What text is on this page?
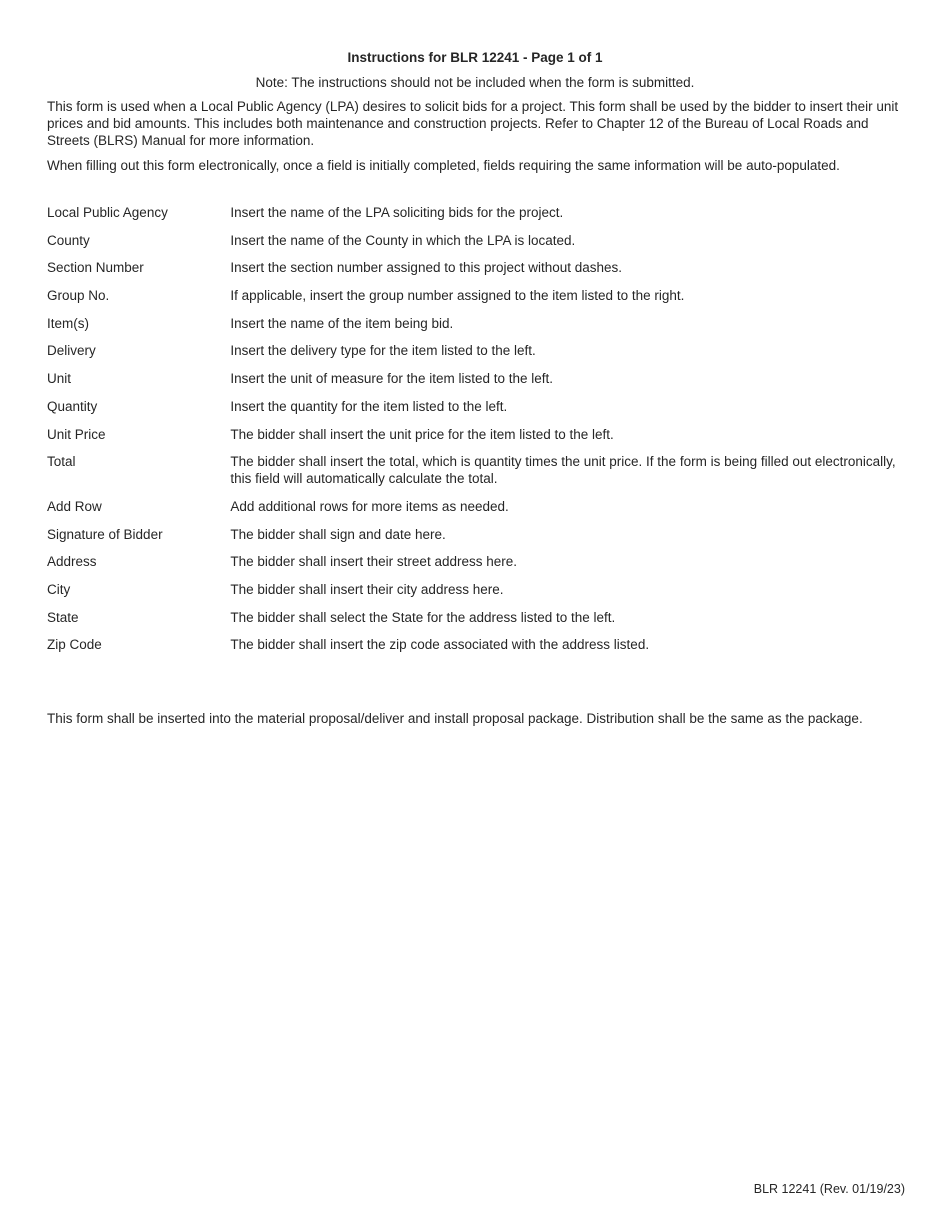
Instructions for BLR 12241 - Page 1 of 1
Note: The instructions should not be included when the form is submitted.

This form is used when a Local Public Agency (LPA) desires to solicit bids for a project. This form shall be used by the bidder to insert their unit prices and bid amounts. This includes both maintenance and construction projects. Refer to Chapter 12 of the Bureau of Local Roads and Streets (BLRS) Manual for more information.

When filling out this form electronically, once a field is initially completed, fields requiring the same information will be auto-populated.

Local Public Agency	Insert the name of the LPA soliciting bids for the project.
County	Insert the name of the County in which the LPA is located.
Section Number	Insert the section number assigned to this project without dashes.
Group No.	If applicable, insert the group number assigned to the item listed to the right.
Item(s)	Insert the name of the item being bid.
Delivery	Insert the delivery type for the item listed to the left.
Unit	Insert the unit of measure for the item listed to the left.
Quantity	Insert the quantity for the item listed to the left.
Unit Price	The bidder shall insert the unit price for the item listed to the left.
Total	The bidder shall insert the total, which is quantity times the unit price. If the form is being filled out electronically, this field will automatically calculate the total.
Add Row	Add additional rows for more items as needed.
Signature of Bidder	The bidder shall sign and date here.
Address	The bidder shall insert their street address here.
City	The bidder shall insert their city address here.
State	The bidder shall select the State for the address listed to the left.
Zip Code	The bidder shall insert the zip code associated with the address listed.

This form shall be inserted into the material proposal/deliver and install proposal package. Distribution shall be the same as the package.

BLR 12241 (Rev. 01/19/23)
